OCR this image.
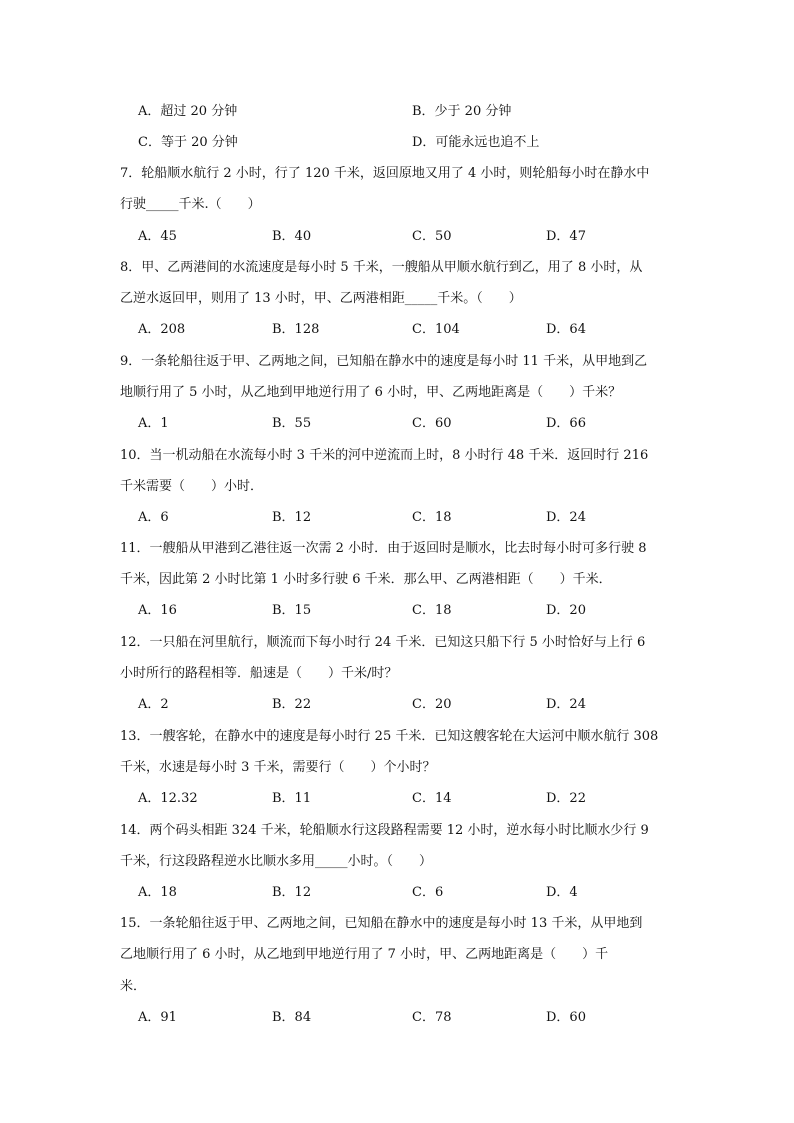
A．超过 20 分钟	B．少于 20 分钟
C．等于 20 分钟	D．可能永远也追不上
7．轮船顺水航行 2 小时，行了 120 千米，返回原地又用了 4 小时，则轮船每小时在静水中
行驶_____千米.（　　）
A．45	B．40	C．50	D．47
8．甲、乙两港间的水流速度是每小时 5 千米，一艘船从甲顺水航行到乙，用了 8 小时，从
乙逆水返回甲，则用了 13 小时，甲、乙两港相距_____千米。（　　）
A．208	B．128	C．104	D．64
9．一条轮船往返于甲、乙两地之间，已知船在静水中的速度是每小时 11 千米，从甲地到乙
地顺行用了 5 小时，从乙地到甲地逆行用了 6 小时，甲、乙两地距离是（　　）千米？
A．1	B．55	C．60	D．66
10．当一机动船在水流每小时 3 千米的河中逆流而上时，8 小时行 48 千米．返回时行 216
千米需要（　　）小时．
A．6	B．12	C．18	D．24
11．一艘船从甲港到乙港往返一次需 2 小时．由于返回时是顺水，比去时每小时可多行驶 8
千米，因此第 2 小时比第 1 小时多行驶 6 千米．那么甲、乙两港相距（　　）千米．
A．16	B．15	C．18	D．20
12．一只船在河里航行，顺流而下每小时行 24 千米．已知这只船下行 5 小时恰好与上行 6
小时所行的路程相等．船速是（　　）千米/时？
A．2	B．22	C．20	D．24
13．一艘客轮，在静水中的速度是每小时行 25 千米．已知这艘客轮在大运河中顺水航行 308
千米，水速是每小时 3 千米，需要行（　　）个小时？
A．12.32	B．11	C．14	D．22
14．两个码头相距 324 千米，轮船顺水行这段路程需要 12 小时，逆水每小时比顺水少行 9
千米，行这段路程逆水比顺水多用_____小时。（　　）
A．18	B．12	C．6	D．4
15．一条轮船往返于甲、乙两地之间，已知船在静水中的速度是每小时 13 千米，从甲地到
乙地顺行用了 6 小时，从乙地到甲地逆行用了 7 小时，甲、乙两地距离是（　　）千
米．
A．91	B．84	C．78	D．60
